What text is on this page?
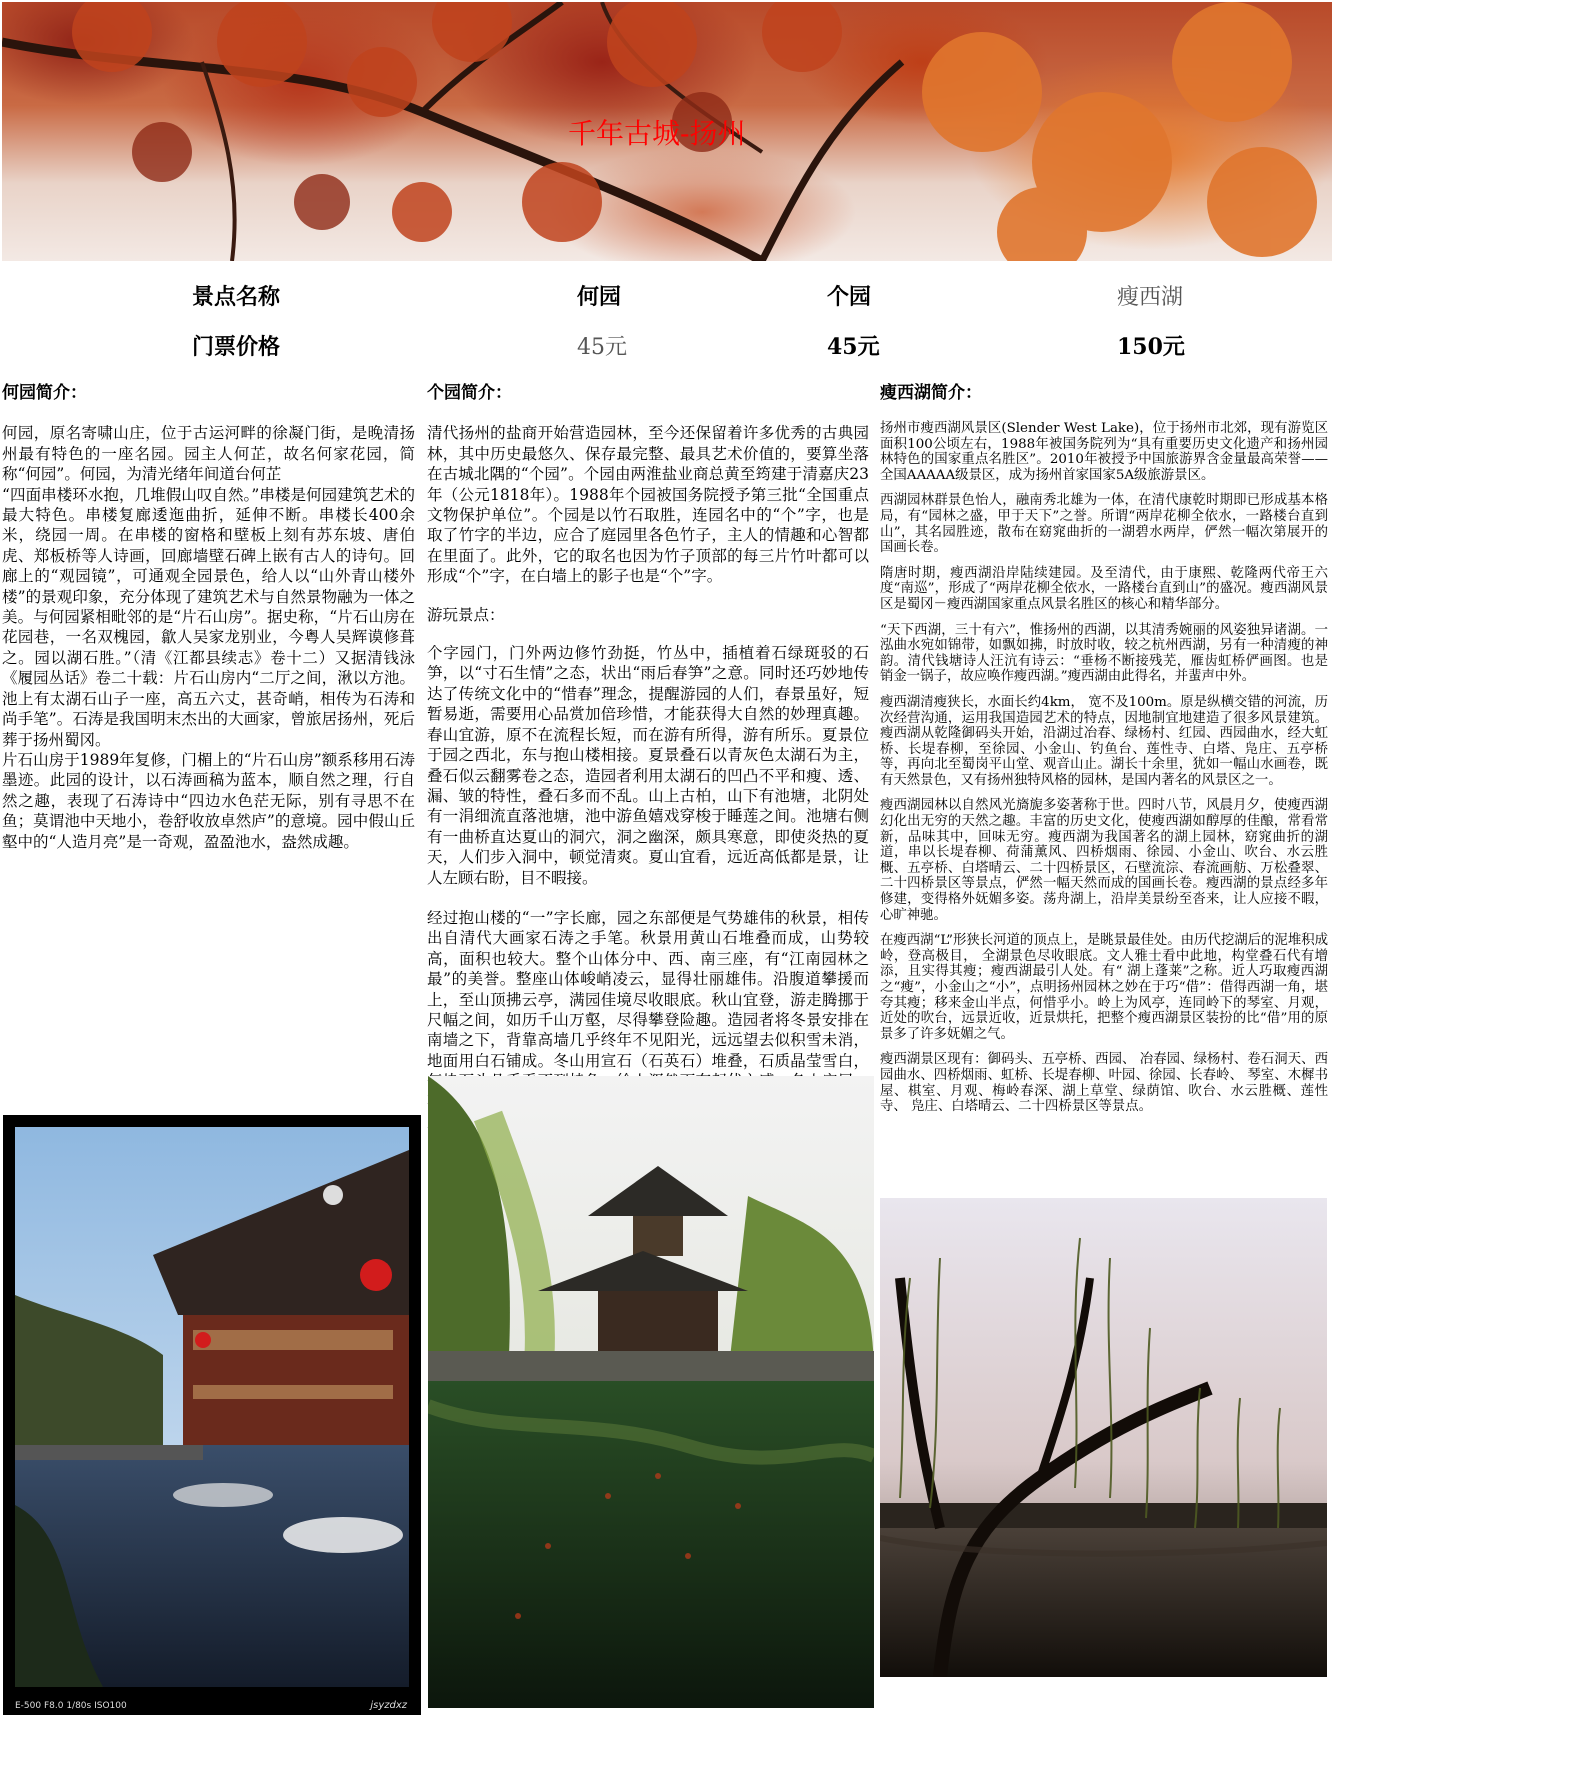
千年古城-扬州
景点名称	何园	个园	瘦西湖
门票价格	45元	45元	150元
何园简介：

何园，原名寄啸山庄，位于古运河畔的徐凝门街，是晚清扬州最有特色的一座名园。园主人何芷，故名何家花园，简称“何园”。何园，为清光绪年间道台何芷

“四面串楼环水抱，几堆假山叹自然。”串楼是何园建筑艺术的最大特色。串楼复廊逶迤曲折，延伸不断。串楼长400余米，绕园一周。在串楼的窗格和壁板上刻有苏东坡、唐伯虎、郑板桥等人诗画，回廊墙壁石碑上嵌有古人的诗句。回廊上的“观园镜”，可通观全园景色，给人以“山外青山楼外楼”的景观印象，充分体现了建筑艺术与自然景物融为一体之美。与何园紧相毗邻的是“片石山房”。据史称，“片石山房在花园巷，一名双槐园，歙人吴家龙别业，今粤人吴辉谟修葺之。园以湖石胜。”（清《江都县续志》卷十二）又据清钱泳《履园丛话》卷二十载：片石山房内“二厅之间，湫以方池。池上有太湖石山子一座，高五六丈，甚奇峭，相传为石涛和尚手笔”。石涛是我国明末杰出的大画家，曾旅居扬州，死后葬于扬州蜀冈。

片石山房于1989年复修，门楣上的“片石山房”额系移用石涛墨迹。此园的设计，以石涛画稿为蓝本，顺自然之理，行自然之趣，表现了石涛诗中“四边水色茫无际，别有寻思不在鱼；莫谓池中天地小，卷舒收放卓然庐”的意境。园中假山丘壑中的“人造月亮”是一奇观，盈盈池水，盎然成趣。

个园简介：

清代扬州的盐商开始营造园林，至今还保留着许多优秀的古典园林，其中历史最悠久、保存最完整、最具艺术价值的，要算坐落在古城北隅的“个园”。个园由两淮盐业商总黄至筠建于清嘉庆23年（公元1818年）。1988年个园被国务院授予第三批“全国重点文物保护单位”。个园是以竹石取胜，连园名中的“个”字，也是取了竹字的半边，应合了庭园里各色竹子，主人的情趣和心智都在里面了。此外，它的取名也因为竹子顶部的每三片竹叶都可以形成“个”字，在白墙上的影子也是“个”字。

游玩景点：

个字园门，门外两边修竹劲挺，竹丛中，插植着石绿斑驳的石笋，以“寸石生情”之态，状出“雨后春笋”之意。同时还巧妙地传达了传统文化中的“惜春”理念，提醒游园的人们，春景虽好，短暂易逝，需要用心品赏加倍珍惜，才能获得大自然的妙理真趣。春山宜游，原不在流程长短，而在游有所得，游有所乐。夏景位于园之西北，东与抱山楼相接。夏景叠石以青灰色太湖石为主，叠石似云翻雾卷之态，造园者利用太湖石的凹凸不平和瘦、透、漏、皱的特性，叠石多而不乱。山上古柏，山下有池塘，北阴处有一涓细流直落池塘，池中游鱼嬉戏穿梭于睡莲之间。池塘右侧有一曲桥直达夏山的洞穴，洞之幽深，颇具寒意，即使炎热的夏天，人们步入洞中，顿觉清爽。夏山宜看，远近高低都是景，让人左顾右盼，目不暇接。

经过抱山楼的“一”字长廊，园之东部便是气势雄伟的秋景，相传出自清代大画家石涛之手笔。秋景用黄山石堆叠而成，山势较高，面积也较大。整个山体分中、西、南三座，有“江南园林之最”的美誉。整座山体峻峭凌云，显得壮丽雄伟。沿腹道攀援而上，至山顶拂云亭，满园佳境尽收眼底。秋山宜登，游走腾挪于尺幅之间，如历千山万壑，尽得攀登险趣。造园者将冬景安排在南墙之下，背靠高墙几乎终年不见阳光，远远望去似积雪未消，地面用白石铺成。冬山用宣石（石英石）堆叠，石质晶莹雪白，

瘦西湖简介：

扬州市瘦西湖风景区(Slender West Lake)，位于扬州市北郊，现有游览区面积100公顷左右，1988年被国务院列为“具有重要历史文化遗产和扬州园林特色的国家重点名胜区”。2010年被授予中国旅游界含金量最高荣誉——全国AAAAA级景区，成为扬州首家国家5A级旅游景区。

西湖园林群景色怡人，融南秀北雄为一体，在清代康乾时期即已形成基本格局，有“园林之盛，甲于天下”之誉。所谓“两岸花柳全依水，一路楼台直到山”，其名园胜迹，散布在窈窕曲折的一湖碧水两岸，俨然一幅次第展开的国画长卷。

隋唐时期，瘦西湖沿岸陆续建园。及至清代，由于康熙、乾隆两代帝王六度“南巡”，形成了“两岸花柳全依水，一路楼台直到山”的盛况。瘦西湖风景区是蜀冈－瘦西湖国家重点风景名胜区的核心和精华部分。

“天下西湖，三十有六”，惟扬州的西湖，以其清秀婉丽的风姿独异诸湖。一泓曲水宛如锦带，如飘如拂，时放时收，较之杭州西湖，另有一种清瘦的神韵。清代钱塘诗人汪沆有诗云：“垂杨不断接残芜，雁齿虹桥俨画图。也是销金一锅子，故应唤作瘦西湖。”瘦西湖由此得名，并蜚声中外。

瘦西湖清瘦狭长，水面长约4km， 宽不及100m。原是纵横交错的河流，历次经营沟通，运用我国造园艺术的特点，因地制宜地建造了很多风景建筑。瘦西湖从乾隆御码头开始，沿湖过冶春、绿杨村、红园、西园曲水，经大虹桥、长堤春柳，至徐园、小金山、钓鱼台、莲性寺、白塔、凫庄、五亭桥等，再向北至蜀岗平山堂、观音山止。湖长十余里，犹如一幅山水画卷，既有天然景色，又有扬州独特风格的园林，是国内著名的风景区之一。

瘦西湖园林以自然风光旖旎多姿著称于世。四时八节，风晨月夕，使瘦西湖 幻化出无穷的天然之趣。丰富的历史文化，使瘦西湖如醇厚的佳酿，常看常新，品味其中，回味无穷。瘦西湖为我国著名的湖上园林，窈窕曲折的湖道，串以长堤春柳、荷蒲薰风、四桥烟雨、徐园、小金山、吹台、水云胜概、五亭桥、白塔晴云、二十四桥景区，石壁流淙、春流画舫、万松叠翠、二十四桥景区等景点，俨然一幅天然而成的国画长卷。瘦西湖的景点经多年修建，变得格外妩媚多姿。荡舟湖上，沿岸美景纷至沓来，让人应接不暇，心旷神驰。

在瘦西湖“L”形狭长河道的顶点上，是眺景最佳处。由历代挖湖后的泥堆积成岭，登高极目， 全湖景色尽收眼底。文人雅士看中此地，构堂叠石代有增添，且实得其瘦；瘦西湖最引人处。有“ 湖上蓬莱”之称。近人巧取瘦西湖之“瘦”，小金山之“小”，点明扬州园林之妙在于巧“借”：借得西湖一角，堪夸其瘦；移来金山半点，何惜乎小。岭上为风亭，连同岭下的琴室、月观， 近处的吹台，远景近收，近景烘托，把整个瘦西湖景区装扮的比“借”用的原景多了许多妩媚之气。

瘦西湖景区现有：御码头、五亭桥、西园、 冶春园、绿杨村、卷石洞天、西园曲水、四桥烟雨、虹桥、长堤春柳、叶园、徐园、长春岭、 琴室、木樨书屋、棋室、月观、梅岭春深、湖上草堂、绿荫馆、吹台、水云胜概、莲性寺、 凫庄、白塔晴云、二十四桥景区等景点。

E-500 F8.0 1/80s ISO100	jsyzdxz
